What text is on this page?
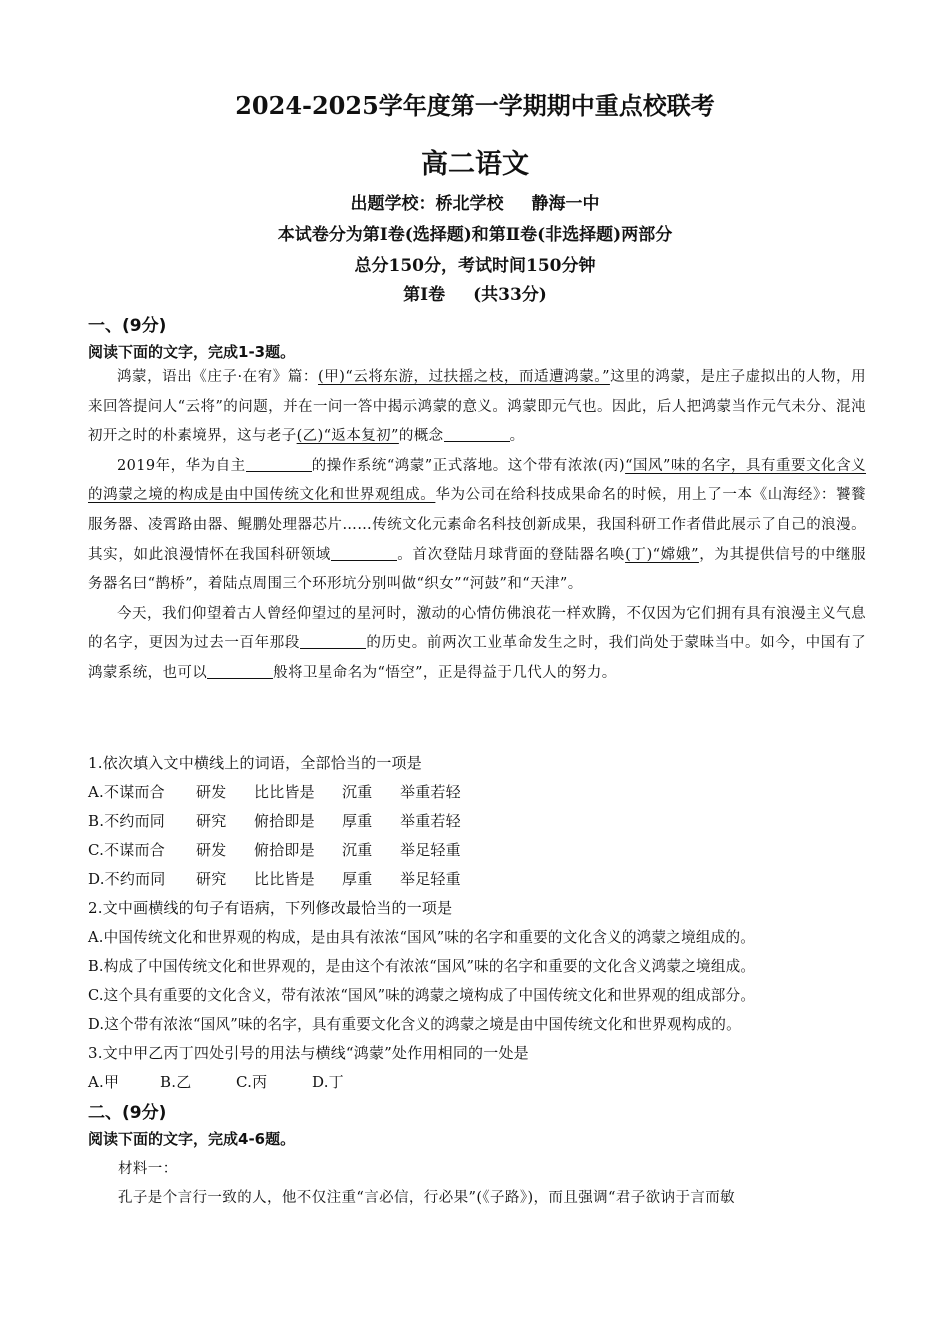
2024-2025学年度第一学期期中重点校联考
高二语文
出题学校：桥北学校 静海一中
本试卷分为第Ⅰ卷(选择题)和第Ⅱ卷(非选择题)两部分
总分150分，考试时间150分钟
第Ⅰ卷 (共33分)
一、(9分)
阅读下面的文字，完成1-3题。

鸿蒙，语出《庄子·在宥》篇：(甲)“云将东游，过扶摇之枝，而适遭鸿蒙。”这里的鸿蒙，是庄子虚拟出的人物，用来回答提问人“云将”的问题，并在一问一答中揭示鸿蒙的意义。鸿蒙即元气也。因此，后人把鸿蒙当作元气未分、混沌初开之时的朴素境界，这与老子(乙)“返本复初”的概念	。

2019年，华为自主	的操作系统“鸿蒙”正式落地。这个带有浓浓(丙)“国风”味的名字，具有重要文化含义的鸿蒙之境的构成是由中国传统文化和世界观组成。华为公司在给科技成果命名的时候，用上了一本《山海经》：饕餮服务器、凌霄路由器、鲲鹏处理器芯片……传统文化元素命名科技创新成果，我国科研工作者借此展示了自己的浪漫。其实，如此浪漫情怀在我国科研领域	。首次登陆月球背面的登陆器名唤(丁)“嫦娥”，为其提供信号的中继服务器名曰“鹊桥”，着陆点周围三个环形坑分别叫做“织女”“河鼓”和“天津”。

今天，我们仰望着古人曾经仰望过的星河时，激动的心情仿佛浪花一样欢腾，不仅因为它们拥有具有浪漫主义气息的名字，更因为过去一百年那段	的历史。前两次工业革命发生之时，我们尚处于蒙昧当中。如今，中国有了鸿蒙系统，也可以	般将卫星命名为“悟空”，正是得益于几代人的努力。

1.依次填入文中横线上的词语，全部恰当的一项是
A.不谋而合 研发 比比皆是 沉重 举重若轻
B.不约而同 研究 俯拾即是 厚重 举重若轻
C.不谋而合 研发 俯拾即是 沉重 举足轻重
D.不约而同 研究 比比皆是 厚重 举足轻重
2.文中画横线的句子有语病，下列修改最恰当的一项是
A.中国传统文化和世界观的构成，是由具有浓浓“国风”味的名字和重要的文化含义的鸿蒙之境组成的。
B.构成了中国传统文化和世界观的，是由这个有浓浓“国风”味的名字和重要的文化含义鸿蒙之境组成。
C.这个具有重要的文化含义，带有浓浓“国风”味的鸿蒙之境构成了中国传统文化和世界观的组成部分。
D.这个带有浓浓“国风”味的名字，具有重要文化含义的鸿蒙之境是由中国传统文化和世界观构成的。
3.文中甲乙丙丁四处引号的用法与横线“鸿蒙”处作用相同的一处是
A.甲	B.乙	C.丙	D.丁
二、(9分)
阅读下面的文字，完成4-6题。
材料一：
孔子是个言行一致的人，他不仅注重“言必信，行必果”(《子路》)，而且强调“君子欲讷于言而敏
